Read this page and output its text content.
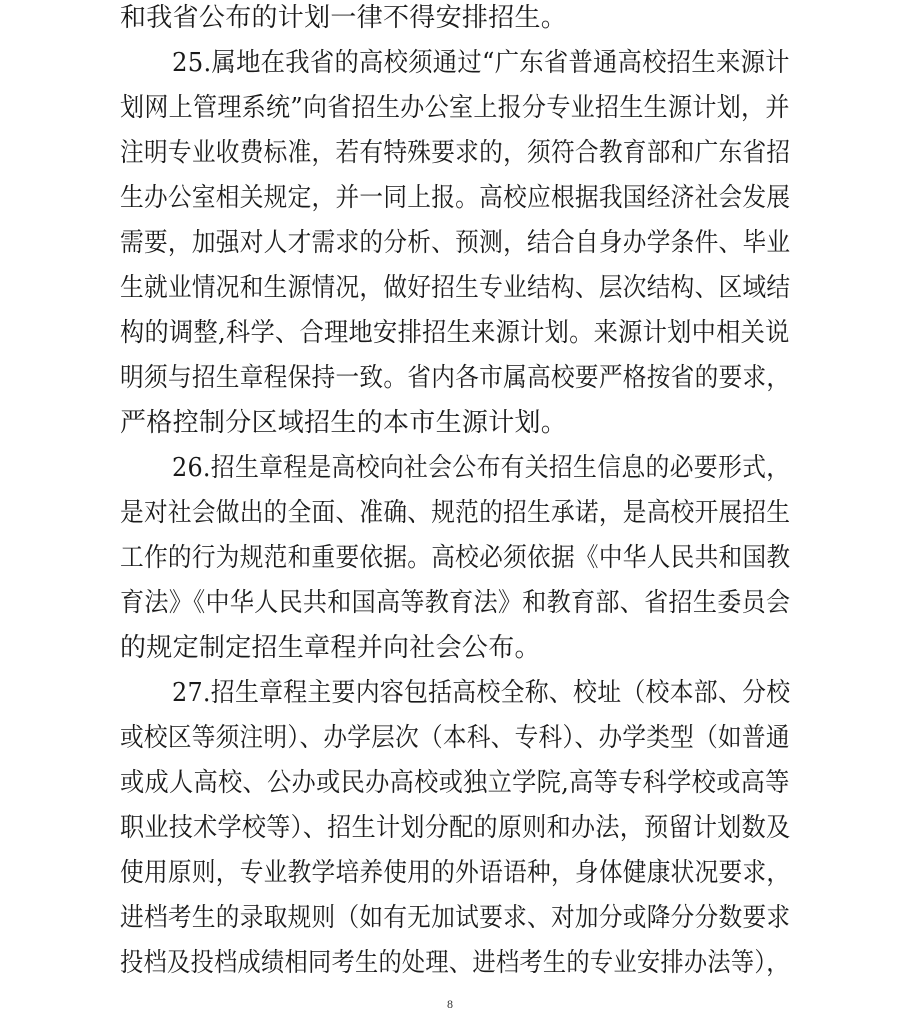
和我省公布的计划一律不得安排招生。
25.属地在我省的高校须通过“广东省普通高校招生来源计
划网上管理系统”向省招生办公室上报分专业招生生源计划，并
注明专业收费标准，若有特殊要求的，须符合教育部和广东省招
生办公室相关规定，并一同上报。高校应根据我国经济社会发展
需要，加强对人才需求的分析、预测，结合自身办学条件、毕业
生就业情况和生源情况，做好招生专业结构、层次结构、区域结
构的调整,科学、合理地安排招生来源计划。来源计划中相关说
明须与招生章程保持一致。省内各市属高校要严格按省的要求，
严格控制分区域招生的本市生源计划。
26.招生章程是高校向社会公布有关招生信息的必要形式，
是对社会做出的全面、准确、规范的招生承诺，是高校开展招生
工作的行为规范和重要依据。高校必须依据《中华人民共和国教
育法》《中华人民共和国高等教育法》和教育部、省招生委员会
的规定制定招生章程并向社会公布。
27.招生章程主要内容包括高校全称、校址（校本部、分校
或校区等须注明）、办学层次（本科、专科）、办学类型（如普通
或成人高校、公办或民办高校或独立学院,高等专科学校或高等
职业技术学校等）、招生计划分配的原则和办法，预留计划数及
使用原则，专业教学培养使用的外语语种，身体健康状况要求，
进档考生的录取规则（如有无加试要求、对加分或降分分数要求
投档及投档成绩相同考生的处理、进档考生的专业安排办法等），
8
